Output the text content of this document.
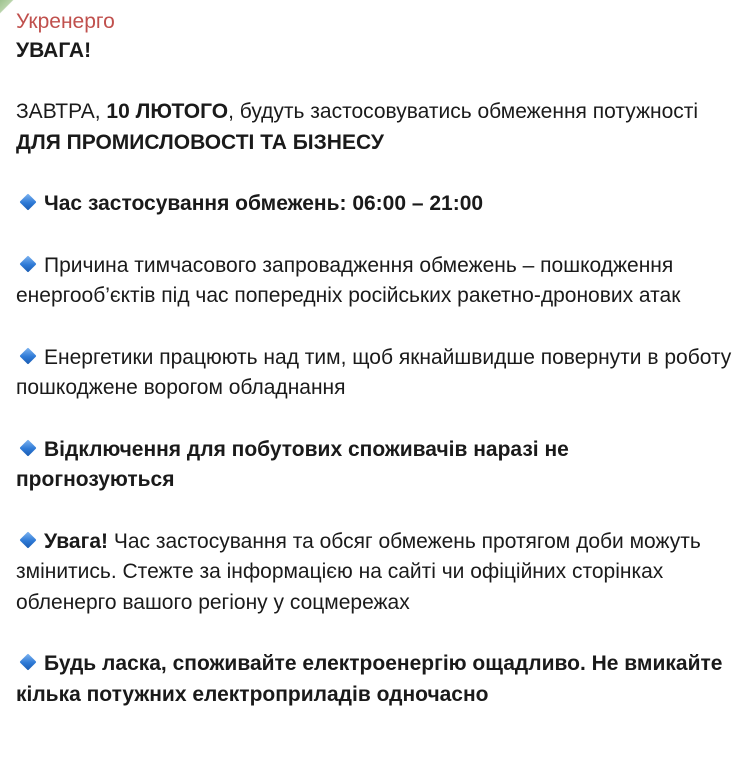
Укренерго
УВАГА!

ЗАВТРА, 10 ЛЮТОГО, будуть застосовуватись обмеження потужності ДЛЯ ПРОМИСЛОВОСТІ ТА БІЗНЕСУ

Час застосування обмежень: 06:00 – 21:00

Причина тимчасового запровадження обмежень – пошкодження енергооб’єктів під час попередніх російських ракетно-дронових атак

Енергетики працюють над тим, щоб якнайшвидше повернути в роботу пошкоджене ворогом обладнання

Відключення для побутових споживачів наразі не прогнозуються

Увага! Час застосування та обсяг обмежень протягом доби можуть змінитись. Стежте за інформацією на сайті чи офіційних сторінках обленерго вашого регіону у соцмережах

Будь ласка, споживайте електроенергію ощадливо. Не вмикайте кілька потужних електроприладів одночасно
